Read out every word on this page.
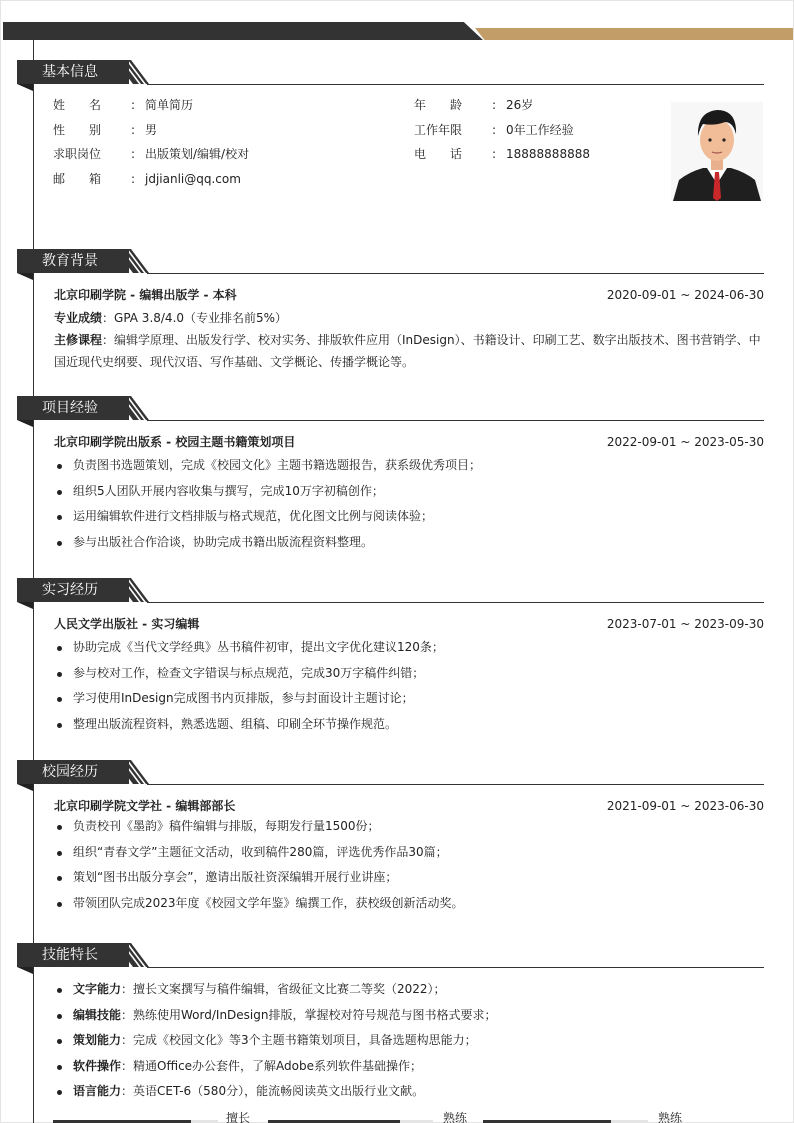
基本信息
姓　　名 : 简单简历
性　　别 : 男
求职岗位 : 出版策划/编辑/校对
邮　　箱 : jdjianli@qq.com
年　　龄 : 26岁
工作年限 : 0年工作经验
电　　话 : 18888888888
教育背景
北京印刷学院 - 编辑出版学 - 本科	2020-09-01 ~ 2024-06-30
专业成绩：GPA 3.8/4.0（专业排名前5%）
主修课程：编辑学原理、出版发行学、校对实务、排版软件应用（InDesign）、书籍设计、印刷工艺、数字出版技术、图书营销学、中国近现代史纲要、现代汉语、写作基础、文学概论、传播学概论等。
项目经验
北京印刷学院出版系 - 校园主题书籍策划项目	2022-09-01 ~ 2023-05-30
负责图书选题策划，完成《校园文化》主题书籍选题报告，获系级优秀项目；
组织5人团队开展内容收集与撰写，完成10万字初稿创作；
运用编辑软件进行文档排版与格式规范，优化图文比例与阅读体验；
参与出版社合作洽谈，协助完成书籍出版流程资料整理。
实习经历
人民文学出版社 - 实习编辑	2023-07-01 ~ 2023-09-30
协助完成《当代文学经典》丛书稿件初审，提出文字优化建议120条；
参与校对工作，检查文字错误与标点规范，完成30万字稿件纠错；
学习使用InDesign完成图书内页排版，参与封面设计主题讨论；
整理出版流程资料，熟悉选题、组稿、印刷全环节操作规范。
校园经历
北京印刷学院文学社 - 编辑部部长	2021-09-01 ~ 2023-06-30
负责校刊《墨韵》稿件编辑与排版，每期发行量1500份；
组织“青春文学”主题征文活动，收到稿件280篇，评选优秀作品30篇；
策划“图书出版分享会”，邀请出版社资深编辑开展行业讲座；
带领团队完成2023年度《校园文学年鉴》编撰工作，获校级创新活动奖。
技能特长
文字能力：擅长文案撰写与稿件编辑，省级征文比赛二等奖（2022）；
编辑技能：熟练使用Word/InDesign排版，掌握校对符号规范与图书格式要求；
策划能力：完成《校园文化》等3个主题书籍策划项目，具备选题构思能力；
软件操作：精通Office办公套件，了解Adobe系列软件基础操作；
语言能力：英语CET-6（580分），能流畅阅读英文出版行业文献。
擅长	熟练	熟练
